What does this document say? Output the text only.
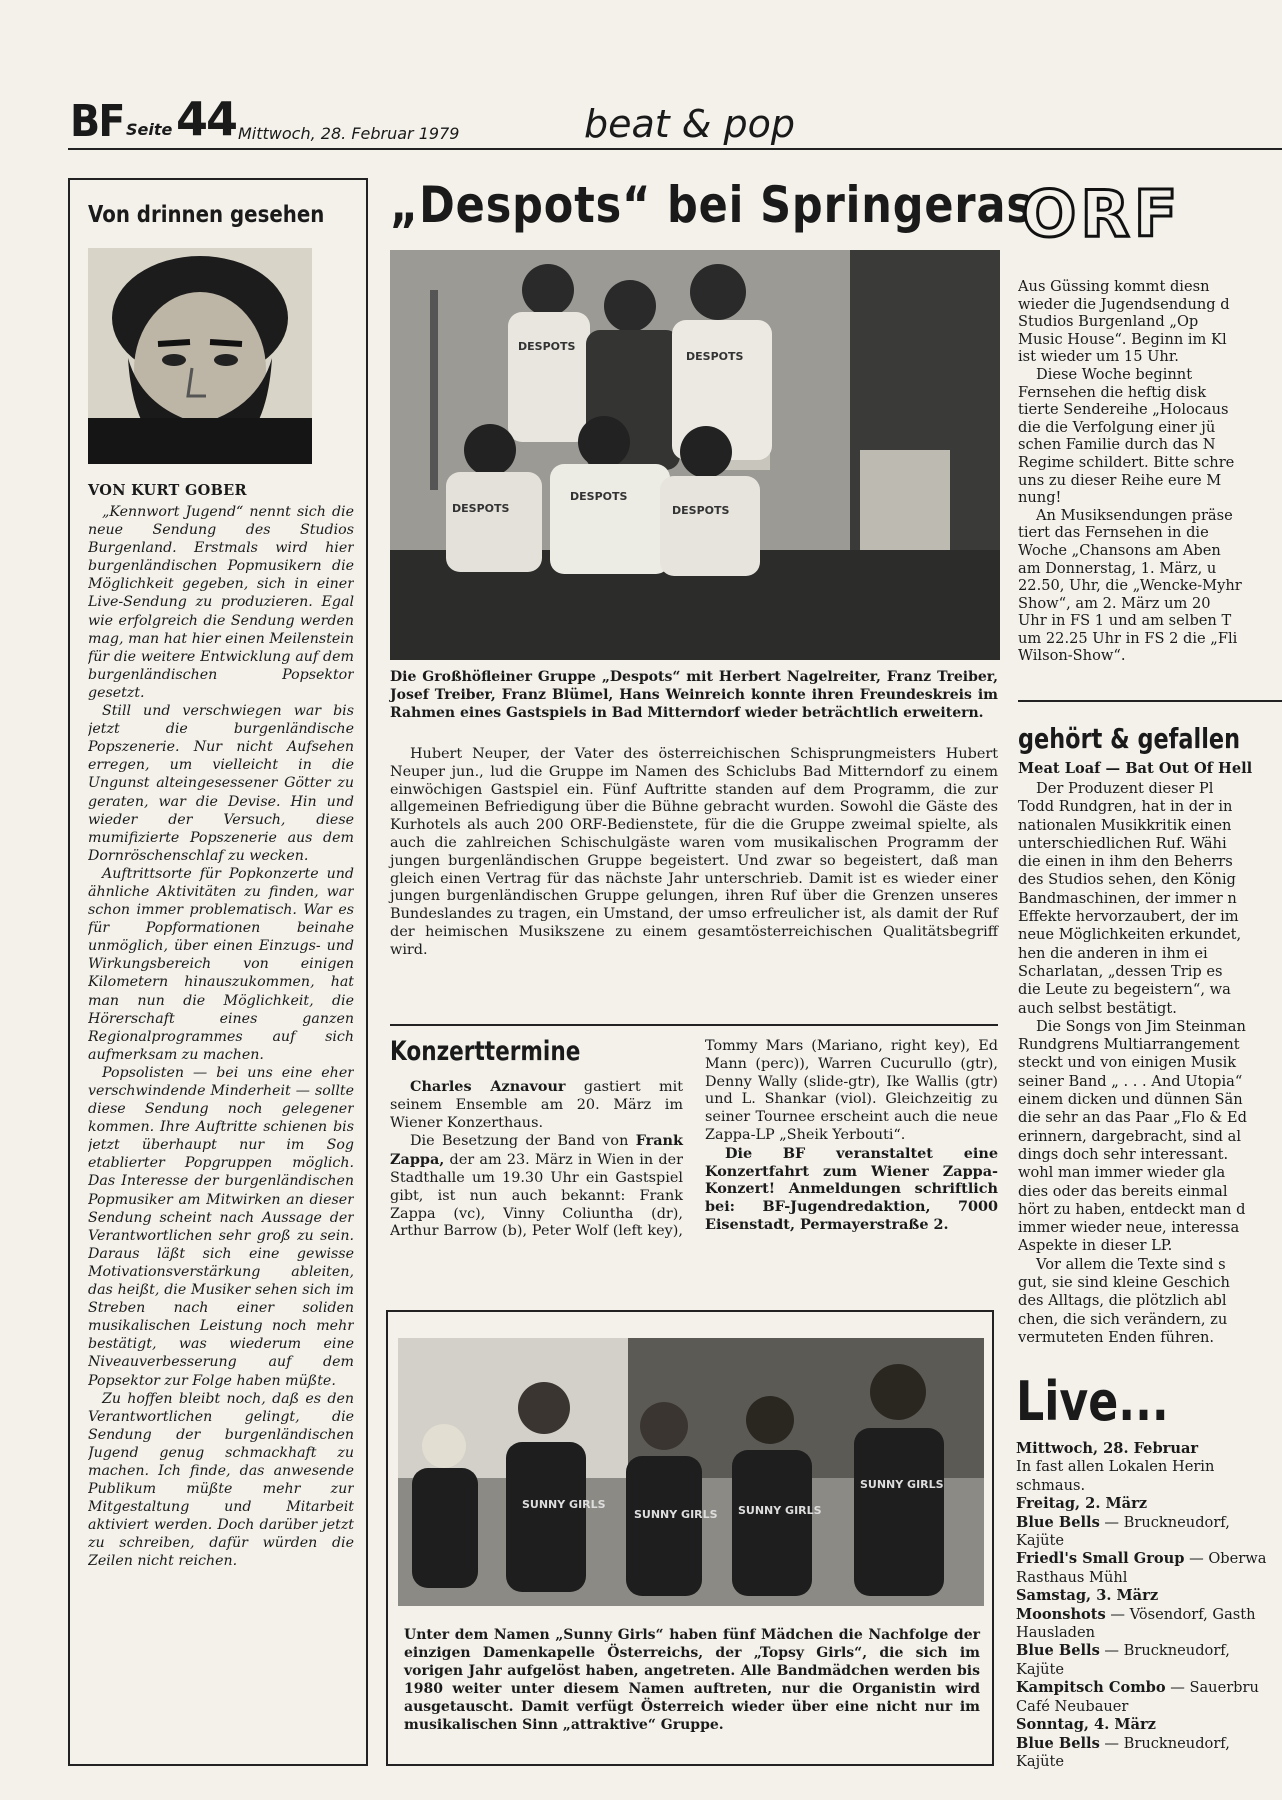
BF Seite 44 Mittwoch, 28. Februar 1979	beat & pop
Von drinnen gesehen
VON KURT GOBER

„Kennwort Jugend“ nennt sich die neue Sendung des Studios Burgenland. Erstmals wird hier burgenländischen Popmusikern die Möglichkeit gegeben, sich in einer Live-Sendung zu produzieren. Egal wie erfolgreich die Sendung werden mag, man hat hier einen Meilenstein für die weitere Entwicklung auf dem burgenländischen Popsektor gesetzt.

Still und verschwiegen war bis jetzt die burgenländische Popszenerie. Nur nicht Aufsehen erregen, um vielleicht in die Ungunst alteingesessener Götter zu geraten, war die Devise. Hin und wieder der Versuch, diese mumifizierte Popszenerie aus dem Dornröschenschlaf zu wecken.

Auftrittsorte für Popkonzerte und ähnliche Aktivitäten zu finden, war schon immer problematisch. War es für Popformationen beinahe unmöglich, über einen Einzugs- und Wirkungsbereich von einigen Kilometern hinauszukommen, hat man nun die Möglichkeit, die Hörerschaft eines ganzen Regionalprogrammes auf sich aufmerksam zu machen.

Popsolisten — bei uns eine eher verschwindende Minderheit — sollte diese Sendung noch gelegener kommen. Ihre Auftritte schienen bis jetzt überhaupt nur im Sog etablierter Popgruppen möglich. Das Interesse der burgenländischen Popmusiker am Mitwirken an dieser Sendung scheint nach Aussage der Verantwortlichen sehr groß zu sein. Daraus läßt sich eine gewisse Motivationsverstärkung ableiten, das heißt, die Musiker sehen sich im Streben nach einer soliden musikalischen Leistung noch mehr bestätigt, was wiederum eine Niveauverbesserung auf dem Popsektor zur Folge haben müßte.

Zu hoffen bleibt noch, daß es den Verantwortlichen gelingt, die Sendung der burgenländischen Jugend genug schmackhaft zu machen. Ich finde, das anwesende Publikum müßte mehr zur Mitgestaltung und Mitarbeit aktiviert werden. Doch darüber jetzt zu schreiben, dafür würden die Zeilen nicht reichen.

„Despots“ bei Springeras
DESPOTS
DESPOTS
DESPOTS
DESPOTS
DESPOTS
Die Großhöfleiner Gruppe „Despots“ mit Herbert Nagelreiter, Franz Treiber, Josef Treiber, Franz Blümel, Hans Weinreich konnte ihren Freundeskreis im Rahmen eines Gastspiels in Bad Mitterndorf wieder beträchtlich erweitern.

Hubert Neuper, der Vater des österreichischen Schisprungmeisters Hubert Neuper jun., lud die Gruppe im Namen des Schiclubs Bad Mitterndorf zu einem einwöchigen Gastspiel ein. Fünf Auftritte standen auf dem Programm, die zur allgemeinen Befriedigung über die Bühne gebracht wurden. Sowohl die Gäste des Kurhotels als auch 200 ORF-Bedienstete, für die die Gruppe zweimal spielte, als auch die zahlreichen Schischulgäste waren vom musikalischen Programm der jungen burgenländischen Gruppe begeistert. Und zwar so begeistert, daß man gleich einen Vertrag für das nächste Jahr unterschrieb. Damit ist es wieder einer jungen burgenländischen Gruppe gelungen, ihren Ruf über die Grenzen unseres Bundeslandes zu tragen, ein Umstand, der umso erfreulicher ist, als damit der Ruf der heimischen Musikszene zu einem gesamtösterreichischen Qualitätsbegriff wird.

Konzerttermine

Charles Aznavour gastiert mit seinem Ensemble am 20. März im Wiener Konzerthaus.

Die Besetzung der Band von Frank Zappa, der am 23. März in Wien in der Stadthalle um 19.30 Uhr ein Gastspiel gibt, ist nun auch bekannt: Frank Zappa (vc), Vinny Coliuntha (dr), Arthur Barrow (b), Peter Wolf (left key), Tommy Mars (Mariano, right key), Ed Mann (perc)), Warren Cucurullo (gtr), Denny Wally (slide-gtr), Ike Wallis (gtr) und L. Shankar (viol). Gleichzeitig zu seiner Tournee erscheint auch die neue Zappa-LP „Sheik Yerbouti“.

Die BF veranstaltet eine Konzertfahrt zum Wiener Zappa-Konzert! Anmeldungen schriftlich bei: BF-Jugendredaktion, 7000 Eisenstadt, Permayerstraße 2.

SUNNY GIRLS
SUNNY GIRLS SUNNY GIRLS
SUNNY GIRLS
Unter dem Namen „Sunny Girls“ haben fünf Mädchen die Nachfolge der einzigen Damenkapelle Österreichs, der „Topsy Girls“, die sich im vorigen Jahr aufgelöst haben, angetreten. Alle Bandmädchen werden bis 1980 weiter unter diesem Namen auftreten, nur die Organistin wird ausgetauscht. Damit verfügt Österreich wieder über eine nicht nur im musikalischen Sinn „attraktive“ Gruppe.
ORF
Aus Güssing kommt diesn
wieder die Jugendsendung d
Studios Burgenland „Op
Music House“. Beginn im Kl
ist wieder um 15 Uhr.
Diese Woche beginnt
Fernsehen die heftig disk
tierte Sendereihe „Holocaus
die die Verfolgung einer jü
schen Familie durch das N
Regime schildert. Bitte schre
uns zu dieser Reihe eure M
nung!
An Musiksendungen präse
tiert das Fernsehen in die
Woche „Chansons am Aben
am Donnerstag, 1. März, u
22.50, Uhr, die „Wencke-Myhr
Show“, am 2. März um 20
Uhr in FS 1 und am selben T
um 22.25 Uhr in FS 2 die „Fli
Wilson-Show“.
gehört & gefallen
Meat Loaf — Bat Out Of Hell
Der Produzent dieser Pl
Todd Rundgren, hat in der in
nationalen Musikkritik einen
unterschiedlichen Ruf. Wähi
die einen in ihm den Beherrs
des Studios sehen, den König
Bandmaschinen, der immer n
Effekte hervorzaubert, der im
neue Möglichkeiten erkundet,
hen die anderen in ihm ei
Scharlatan, „dessen Trip es
die Leute zu begeistern“, wa
auch selbst bestätigt.
Die Songs von Jim Steinman
Rundgrens Multiarrangement
steckt und von einigen Musik
seiner Band „ . . . And Utopia“
einem dicken und dünnen Sän
die sehr an das Paar „Flo & Ed
erinnern, dargebracht, sind al
dings doch sehr interessant.
wohl man immer wieder gla
dies oder das bereits einmal
hört zu haben, entdeckt man d
immer wieder neue, interessa
Aspekte in dieser LP.
Vor allem die Texte sind s
gut, sie sind kleine Geschich
des Alltags, die plötzlich abl
chen, die sich verändern, zu
vermuteten Enden führen.
Live...
Mittwoch, 28. Februar
In fast allen Lokalen Herin
schmaus.
Freitag, 2. März
Blue Bells — Bruckneudorf,
Kajüte
Friedl's Small Group — Oberwa
Rasthaus Mühl
Samstag, 3. März
Moonshots — Vösendorf, Gasth
Hausladen
Blue Bells — Bruckneudorf,
Kajüte
Kampitsch Combo — Sauerbru
Café Neubauer
Sonntag, 4. März
Blue Bells — Bruckneudorf,
Kajüte
